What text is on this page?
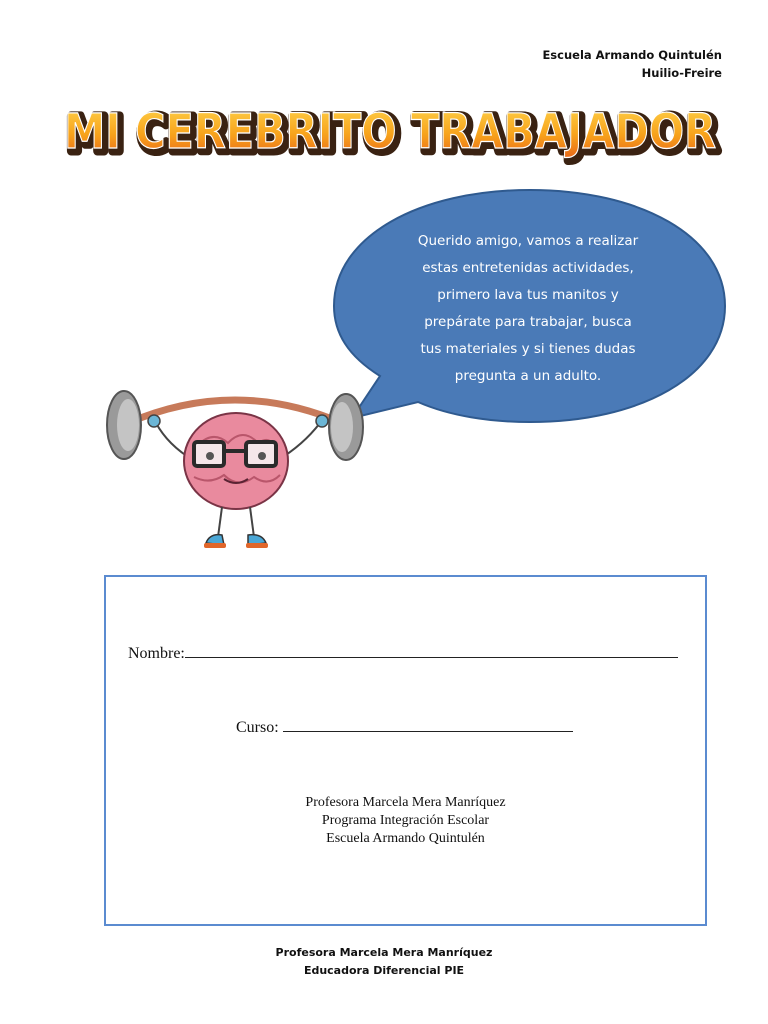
Escuela Armando Quintulén
Huilio-Freire
MI CEREBRITO TRABAJADOR
MI CEREBRITO TRABAJADOR
Querido amigo, vamos a realizar
estas entretenidas actividades,
primero lava tus manitos y
prepárate para trabajar, busca
tus materiales y si tienes dudas
pregunta a un adulto.
Nombre:
Curso:
Profesora Marcela Mera Manríquez
Programa Integración Escolar
Escuela Armando Quintulén
Profesora Marcela Mera Manríquez
Educadora Diferencial PIE
